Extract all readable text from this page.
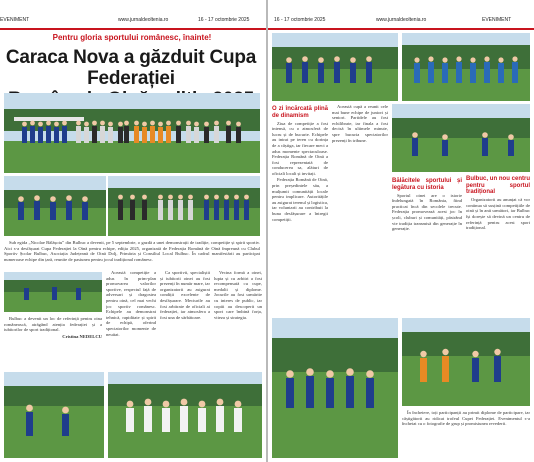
EVENIMENT	www.jurnaldeoltenia.ro	16 - 17 octombrie 2025
Pentru gloria sportului românesc, înainte!
Caraca Nova a găzduit Cupa Federației

Sub egida „Nicolae Bălășoiu” din Bulbuc a devenit, pe 5 septembrie, o gazdă a unei demonstrații de tradiție, competiție și spirit sportiv. Aici s-a desfășurat Cupa Federației la Oină pentru echipe, ediția 2025, organizată de Federația Română de Oină împreună cu Clubul Sportiv Școlar Bulbuc, Asociația Județeană de Oină Dolj, Primăria și Consiliul Local Bulbuc. În cadrul manifestării au participat numeroase echipe din țară, reunite de pasiunea pentru jocul tradițional românesc.

Această competiție a adus în prim-plan promovarea valorilor sportive, respectul față de adversari și dragostea pentru oină, cel mai vechi joc sportiv românesc. Echipele au demonstrat tehnică, rapiditate și spirit de echipă, oferind spectatorilor momente de neuitat.

Ca sportivii, specialiștii și iubitorii oinei au fost prezenți în număr mare, iar organizatorii au asigurat condiții excelente de desfășurare. Meciurile au fost arbitrate de oficiali ai federației, iar atmosfera a fost una de sărbătoare.

Vecina formă a oinei, lupta și cu arbitri a fost recompensată cu cupe, medalii și diplome. Jocurile au fost urmărite cu interes de public, iar copiii au descoperit un sport care îmbină forța, viteza și strategia.

Bulbuc a devenit un loc de referință pentru oina românească, atrăgând atenția federației și a iubitorilor de sport tradițional.

Cristina NEDELCU

16 - 17 octombrie 2025	www.jurnaldeoltenia.ro	EVENIMENT
O zi încărcată plină de dinamism

Ziua de competiție a fost intensă, cu o atmosferă de lucru și de bucurie. Echipele au intrat pe teren cu dorința de a câștiga, iar fiecare meci a adus momente spectaculoase. Federația Română de Oină a fost reprezentată de conducerea sa, alături de oficiali locali și invitați.

Federația Română de Oină, prin președintele său, a mulțumit comunității locale pentru implicare. Autoritățile au asigurat terenul și logistica, iar voluntarii au contribuit la buna desfășurare a întregii competiții.

Această cupă a reunit cele mai bune echipe de juniori și seniori. Partidele au fost echilibrate, iar finala a fost decisă în ultimele minute, spre bucuria spectatorilor prezenți în tribune.

Bălăcitele sportului și legătura cu istoria

Sportul oinei are o istorie îndelungată în România, fiind practicat încă din secolele trecute. Federația promovează acest joc în școli, cluburi și comunități, păstrând vie tradiția transmisă din generație în generație.

Bulbuc, un nou centru pentru sportul tradițional

Organizatorii au anunțat că vor continua să susțină competițiile de oină și în anii următori, iar Bulbuc își dorește să devină un centru de referință pentru acest sport tradițional.

În încheiere, toți participanții au primit diplome de participare, iar câștigătorii au ridicat trofeul Cupei Federației. Evenimentul s-a încheiat cu o fotografie de grup și promisiunea revederii.
